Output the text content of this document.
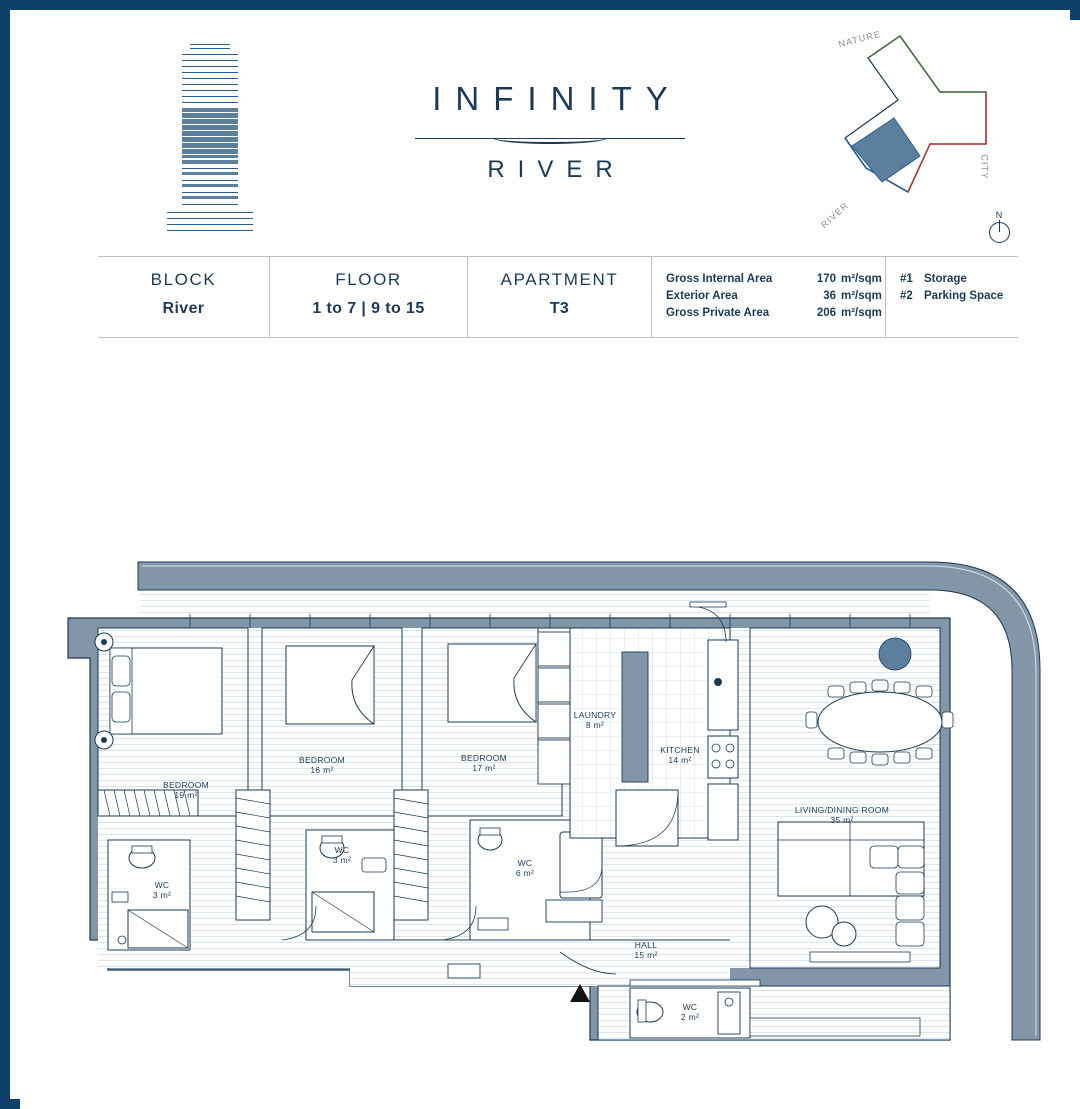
INFINITY
RIVER
NATURE
CITY
RIVER	N
BLOCK
River
FLOOR
1 to 7 | 9 to 15
APARTMENT
T3
Gross Internal Area	170 m²/sqm
Exterior Area	36 m²/sqm
Gross Private Area	206 m²/sqm
#1 Storage
#2 Parking Space
BEDROOM
19 m²
BEDROOM
16 m²
BEDROOM
17 m²
LAUNDRY
8 m²
KITCHEN
14 m²
LIVING/DINING ROOM
35 m²
WC
3 m²
WC
3 m²
WC
6 m²
WC
2 m²
HALL
15 m²
